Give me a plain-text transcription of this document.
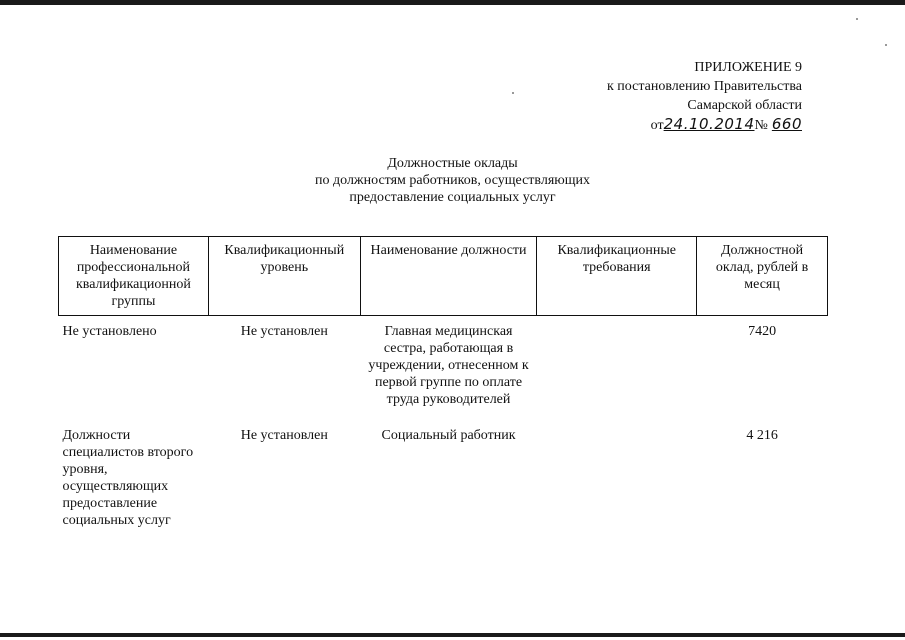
ПРИЛОЖЕНИЕ 9
к постановлению Правительства
Самарской области
от24.10.2014№ 660
Должностные оклады
по должностям работников, осуществляющих
предоставление социальных услуг
Наименование профессиональной квалификационной группы	Квалификационный уровень	Наименование должности	Квалификационные требования	Должностной оклад, рублей в месяц
Не установлено	Не установлен	Главная медицинская сестра, работающая в учреждении, отнесенном к первой группе по оплате труда руководителей		7420
Должности специалистов второго уровня, осуществляющих предоставление социальных услуг	Не установлен	Социальный работник		4 216
